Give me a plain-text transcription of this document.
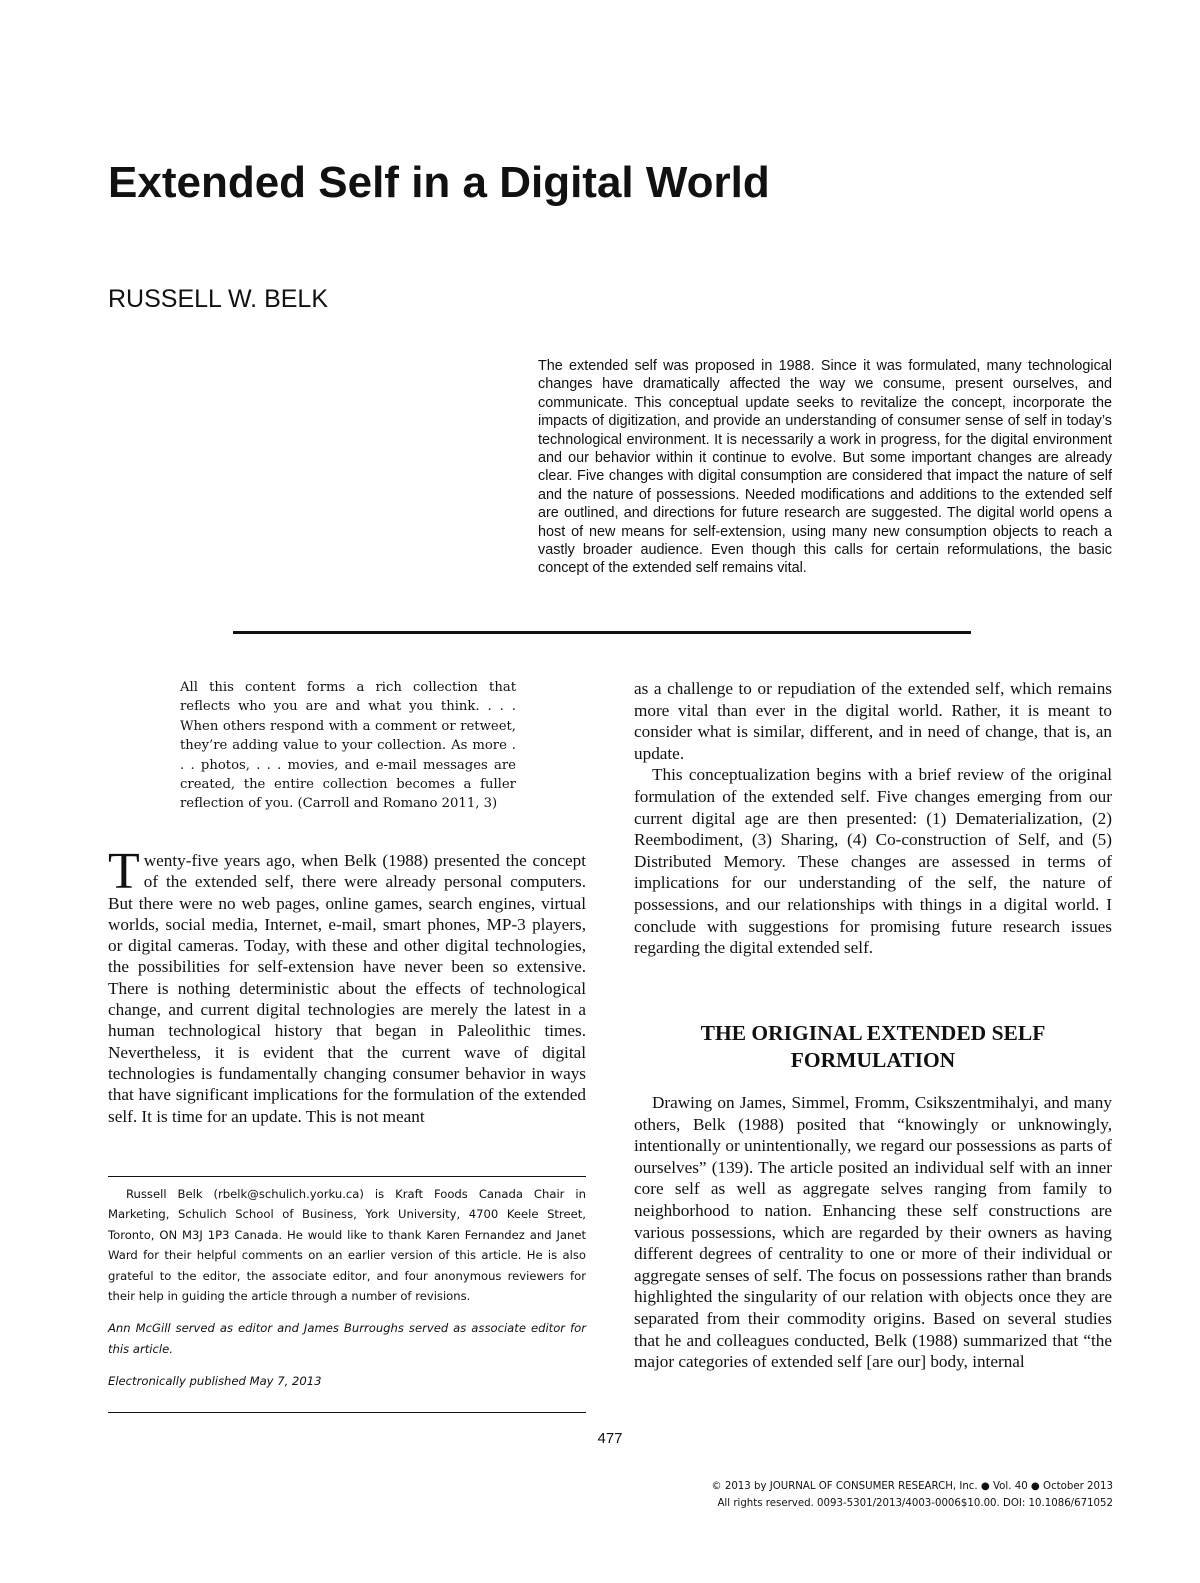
Extended Self in a Digital World
RUSSELL W. BELK

The extended self was proposed in 1988. Since it was formulated, many technological changes have dramatically affected the way we consume, present ourselves, and communicate. This conceptual update seeks to revitalize the concept, incorporate the impacts of digitization, and provide an understanding of consumer sense of self in today’s technological environment. It is necessarily a work in progress, for the digital environment and our behavior within it continue to evolve. But some important changes are already clear. Five changes with digital consumption are considered that impact the nature of self and the nature of possessions. Needed modifications and additions to the extended self are outlined, and directions for future research are suggested. The digital world opens a host of new means for self-extension, using many new consumption objects to reach a vastly broader audience. Even though this calls for certain reformulations, the basic concept of the extended self remains vital.

All this content forms a rich collection that reflects who you are and what you think. . . . When others respond with a comment or retweet, they’re adding value to your collection. As more . . . photos, . . . movies, and e-mail messages are created, the entire collection becomes a fuller reflection of you. (Carroll and Romano 2011, 3)
Twenty-five years ago, when Belk (1988) presented the concept of the extended self, there were already personal computers. But there were no web pages, online games, search engines, virtual worlds, social media, Internet, e-mail, smart phones, MP-3 players, or digital cameras. Today, with these and other digital technologies, the possibilities for self-extension have never been so extensive. There is nothing deterministic about the effects of technological change, and current digital technologies are merely the latest in a human technological history that began in Paleolithic times. Nevertheless, it is evident that the current wave of digital technologies is fundamentally changing consumer behavior in ways that have significant implications for the formulation of the extended self. It is time for an update. This is not meant

Russell Belk (rbelk@schulich.yorku.ca) is Kraft Foods Canada Chair in Marketing, Schulich School of Business, York University, 4700 Keele Street, Toronto, ON M3J 1P3 Canada. He would like to thank Karen Fernandez and Janet Ward for their helpful comments on an earlier version of this article. He is also grateful to the editor, the associate editor, and four anonymous reviewers for their help in guiding the article through a number of revisions.

Ann McGill served as editor and James Burroughs served as associate editor for this article.

Electronically published May 7, 2013

as a challenge to or repudiation of the extended self, which remains more vital than ever in the digital world. Rather, it is meant to consider what is similar, different, and in need of change, that is, an update.

This conceptualization begins with a brief review of the original formulation of the extended self. Five changes emerging from our current digital age are then presented: (1) Dematerialization, (2) Reembodiment, (3) Sharing, (4) Co-construction of Self, and (5) Distributed Memory. These changes are assessed in terms of implications for our understanding of the self, the nature of possessions, and our relationships with things in a digital world. I conclude with suggestions for promising future research issues regarding the digital extended self.

THE ORIGINAL EXTENDED SELF FORMULATION

Drawing on James, Simmel, Fromm, Csikszentmihalyi, and many others, Belk (1988) posited that “knowingly or unknowingly, intentionally or unintentionally, we regard our possessions as parts of ourselves” (139). The article posited an individual self with an inner core self as well as aggregate selves ranging from family to neighborhood to nation. Enhancing these self constructions are various possessions, which are regarded by their owners as having different degrees of centrality to one or more of their individual or aggregate senses of self. The focus on possessions rather than brands highlighted the singularity of our relation with objects once they are separated from their commodity origins. Based on several studies that he and colleagues conducted, Belk (1988) summarized that “the major categories of extended self [are our] body, internal

477
© 2013 by JOURNAL OF CONSUMER RESEARCH, Inc. ● Vol. 40 ● October 2013
All rights reserved. 0093-5301/2013/4003-0006$10.00. DOI: 10.1086/671052
